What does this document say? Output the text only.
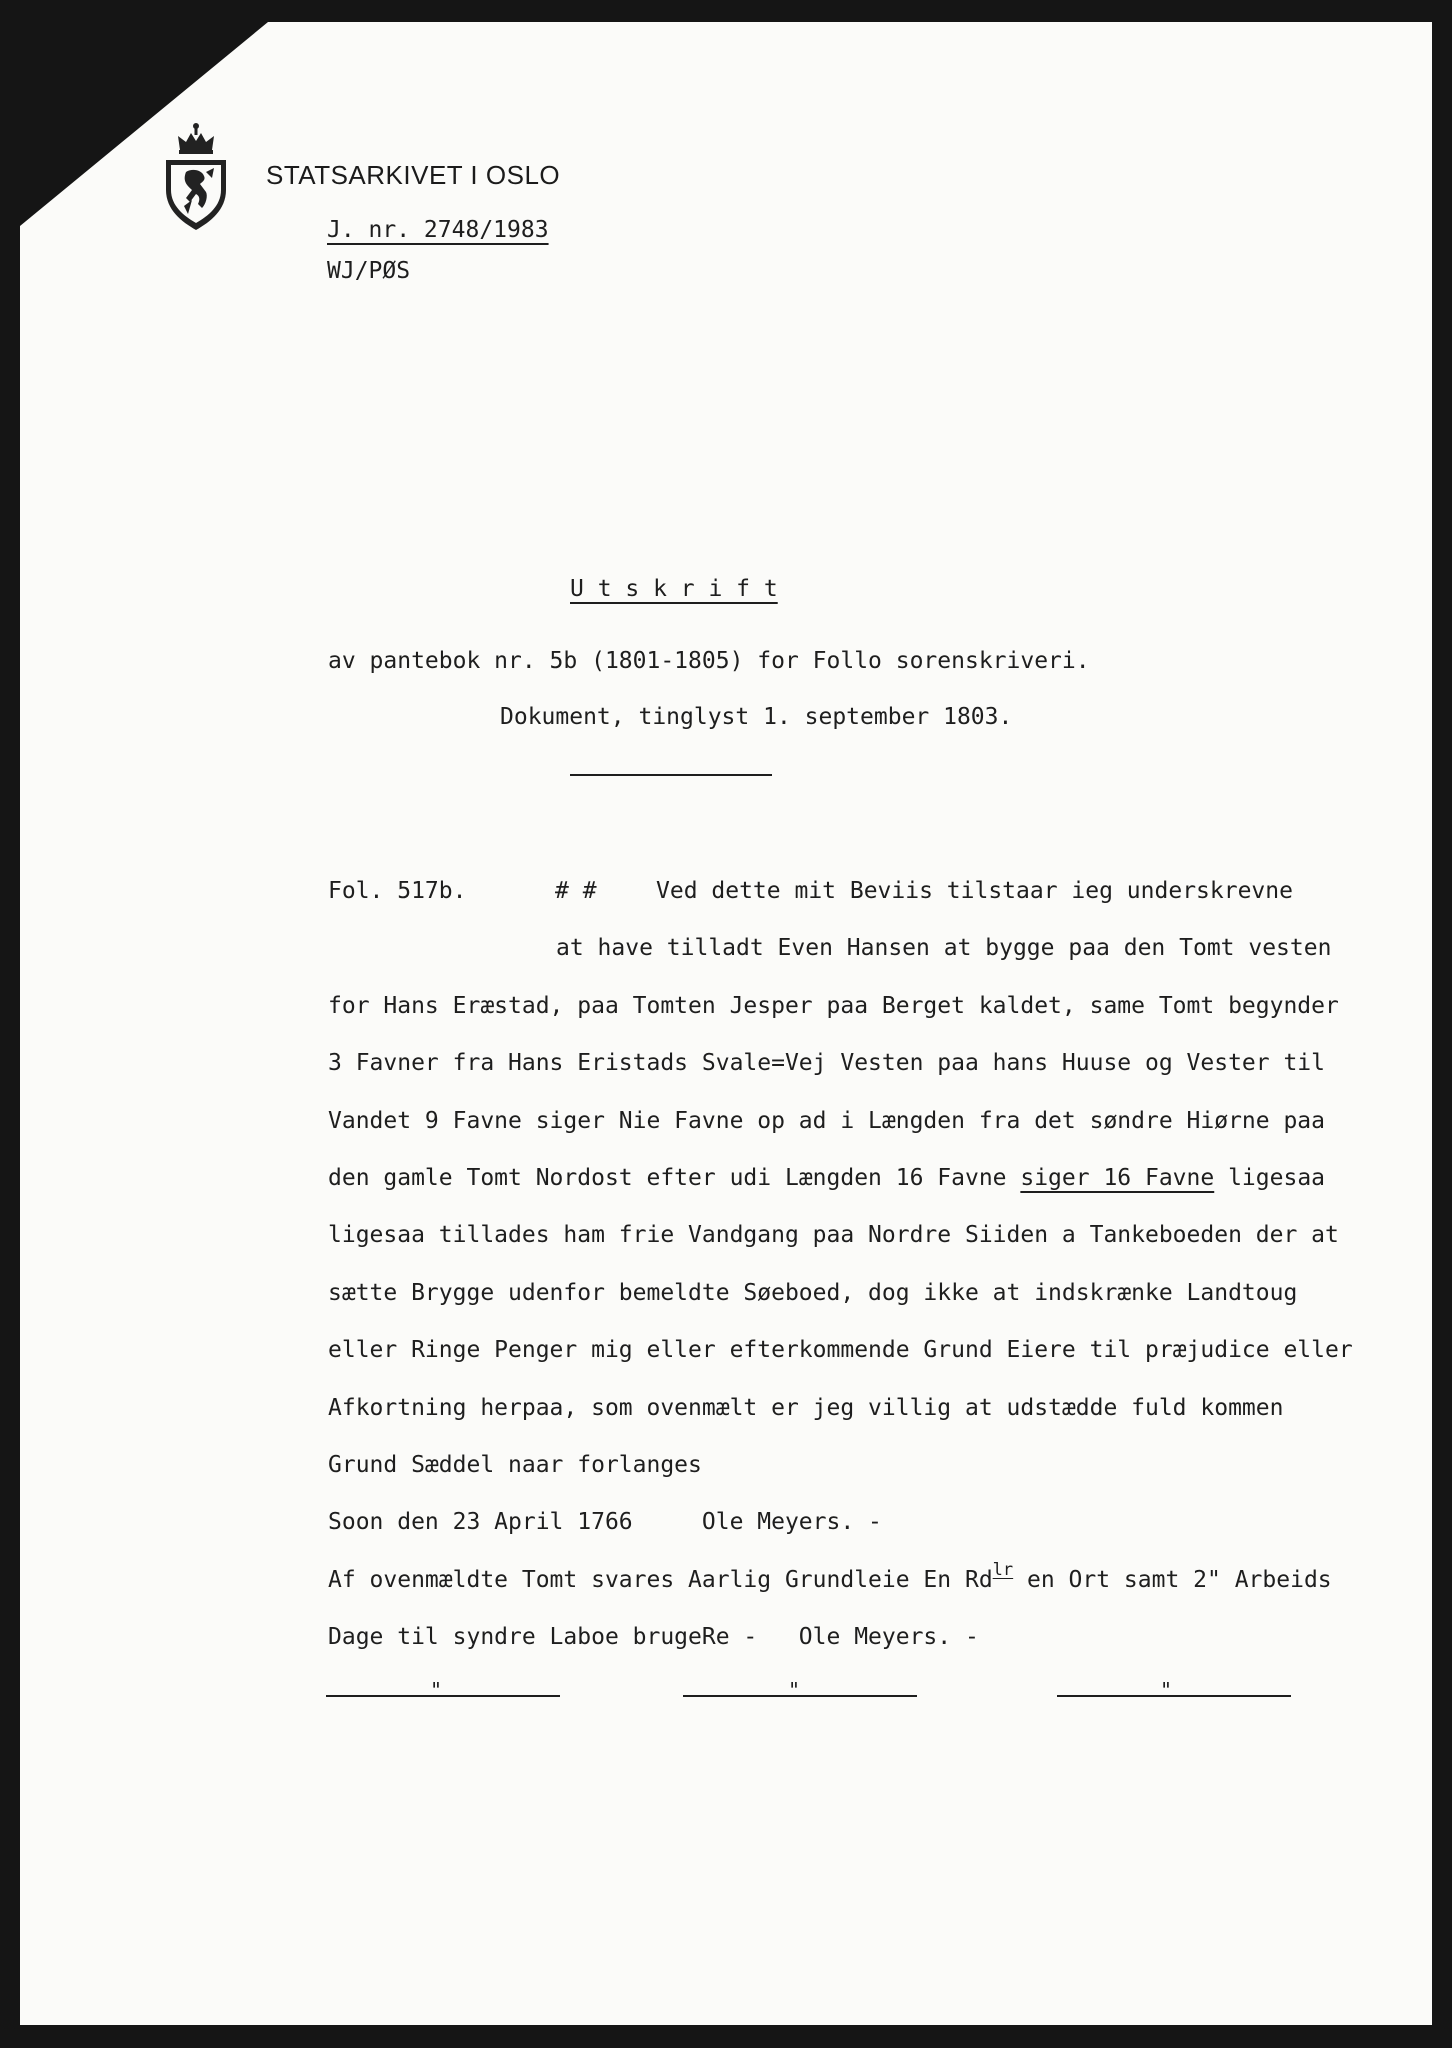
STATSARKIVET I OSLO
J. nr. 2748/1983
WJ/PØS
U t s k r i f t
av pantebok nr. 5b (1801-1805) for Follo sorenskriveri.
Dokument, tinglyst 1. september 1803.
Fol. 517b.	# #	Ved dette mit Beviis tilstaar ieg underskrevne
at have tilladt Even Hansen at bygge paa den Tomt vesten
for Hans Eræstad, paa Tomten Jesper paa Berget kaldet, same Tomt begynder
3 Favner fra Hans Eristads Svale=Vej Vesten paa hans Huuse og Vester til
Vandet 9 Favne siger Nie Favne op ad i Længden fra det søndre Hiørne paa
den gamle Tomt Nordost efter udi Længden 16 Favne siger 16 Favne ligesaa
ligesaa tillades ham frie Vandgang paa Nordre Siiden a Tankeboeden der at
sætte Brygge udenfor bemeldte Søeboed, dog ikke at indskrænke Landtoug
eller Ringe Penger mig eller efterkommende Grund Eiere til præjudice eller
Afkortning herpaa, som ovenmælt er jeg villig at udstædde fuld kommen
Grund Sæddel naar forlanges
Soon den 23 April 1766     Ole Meyers. -
Af ovenmældte Tomt svares Aarlig Grundleie En $Rd^{lr}$ en Ort samt 2" Arbeids
Dage til syndre Laboe brugeRe -   Ole Meyers. -
"	"	"
